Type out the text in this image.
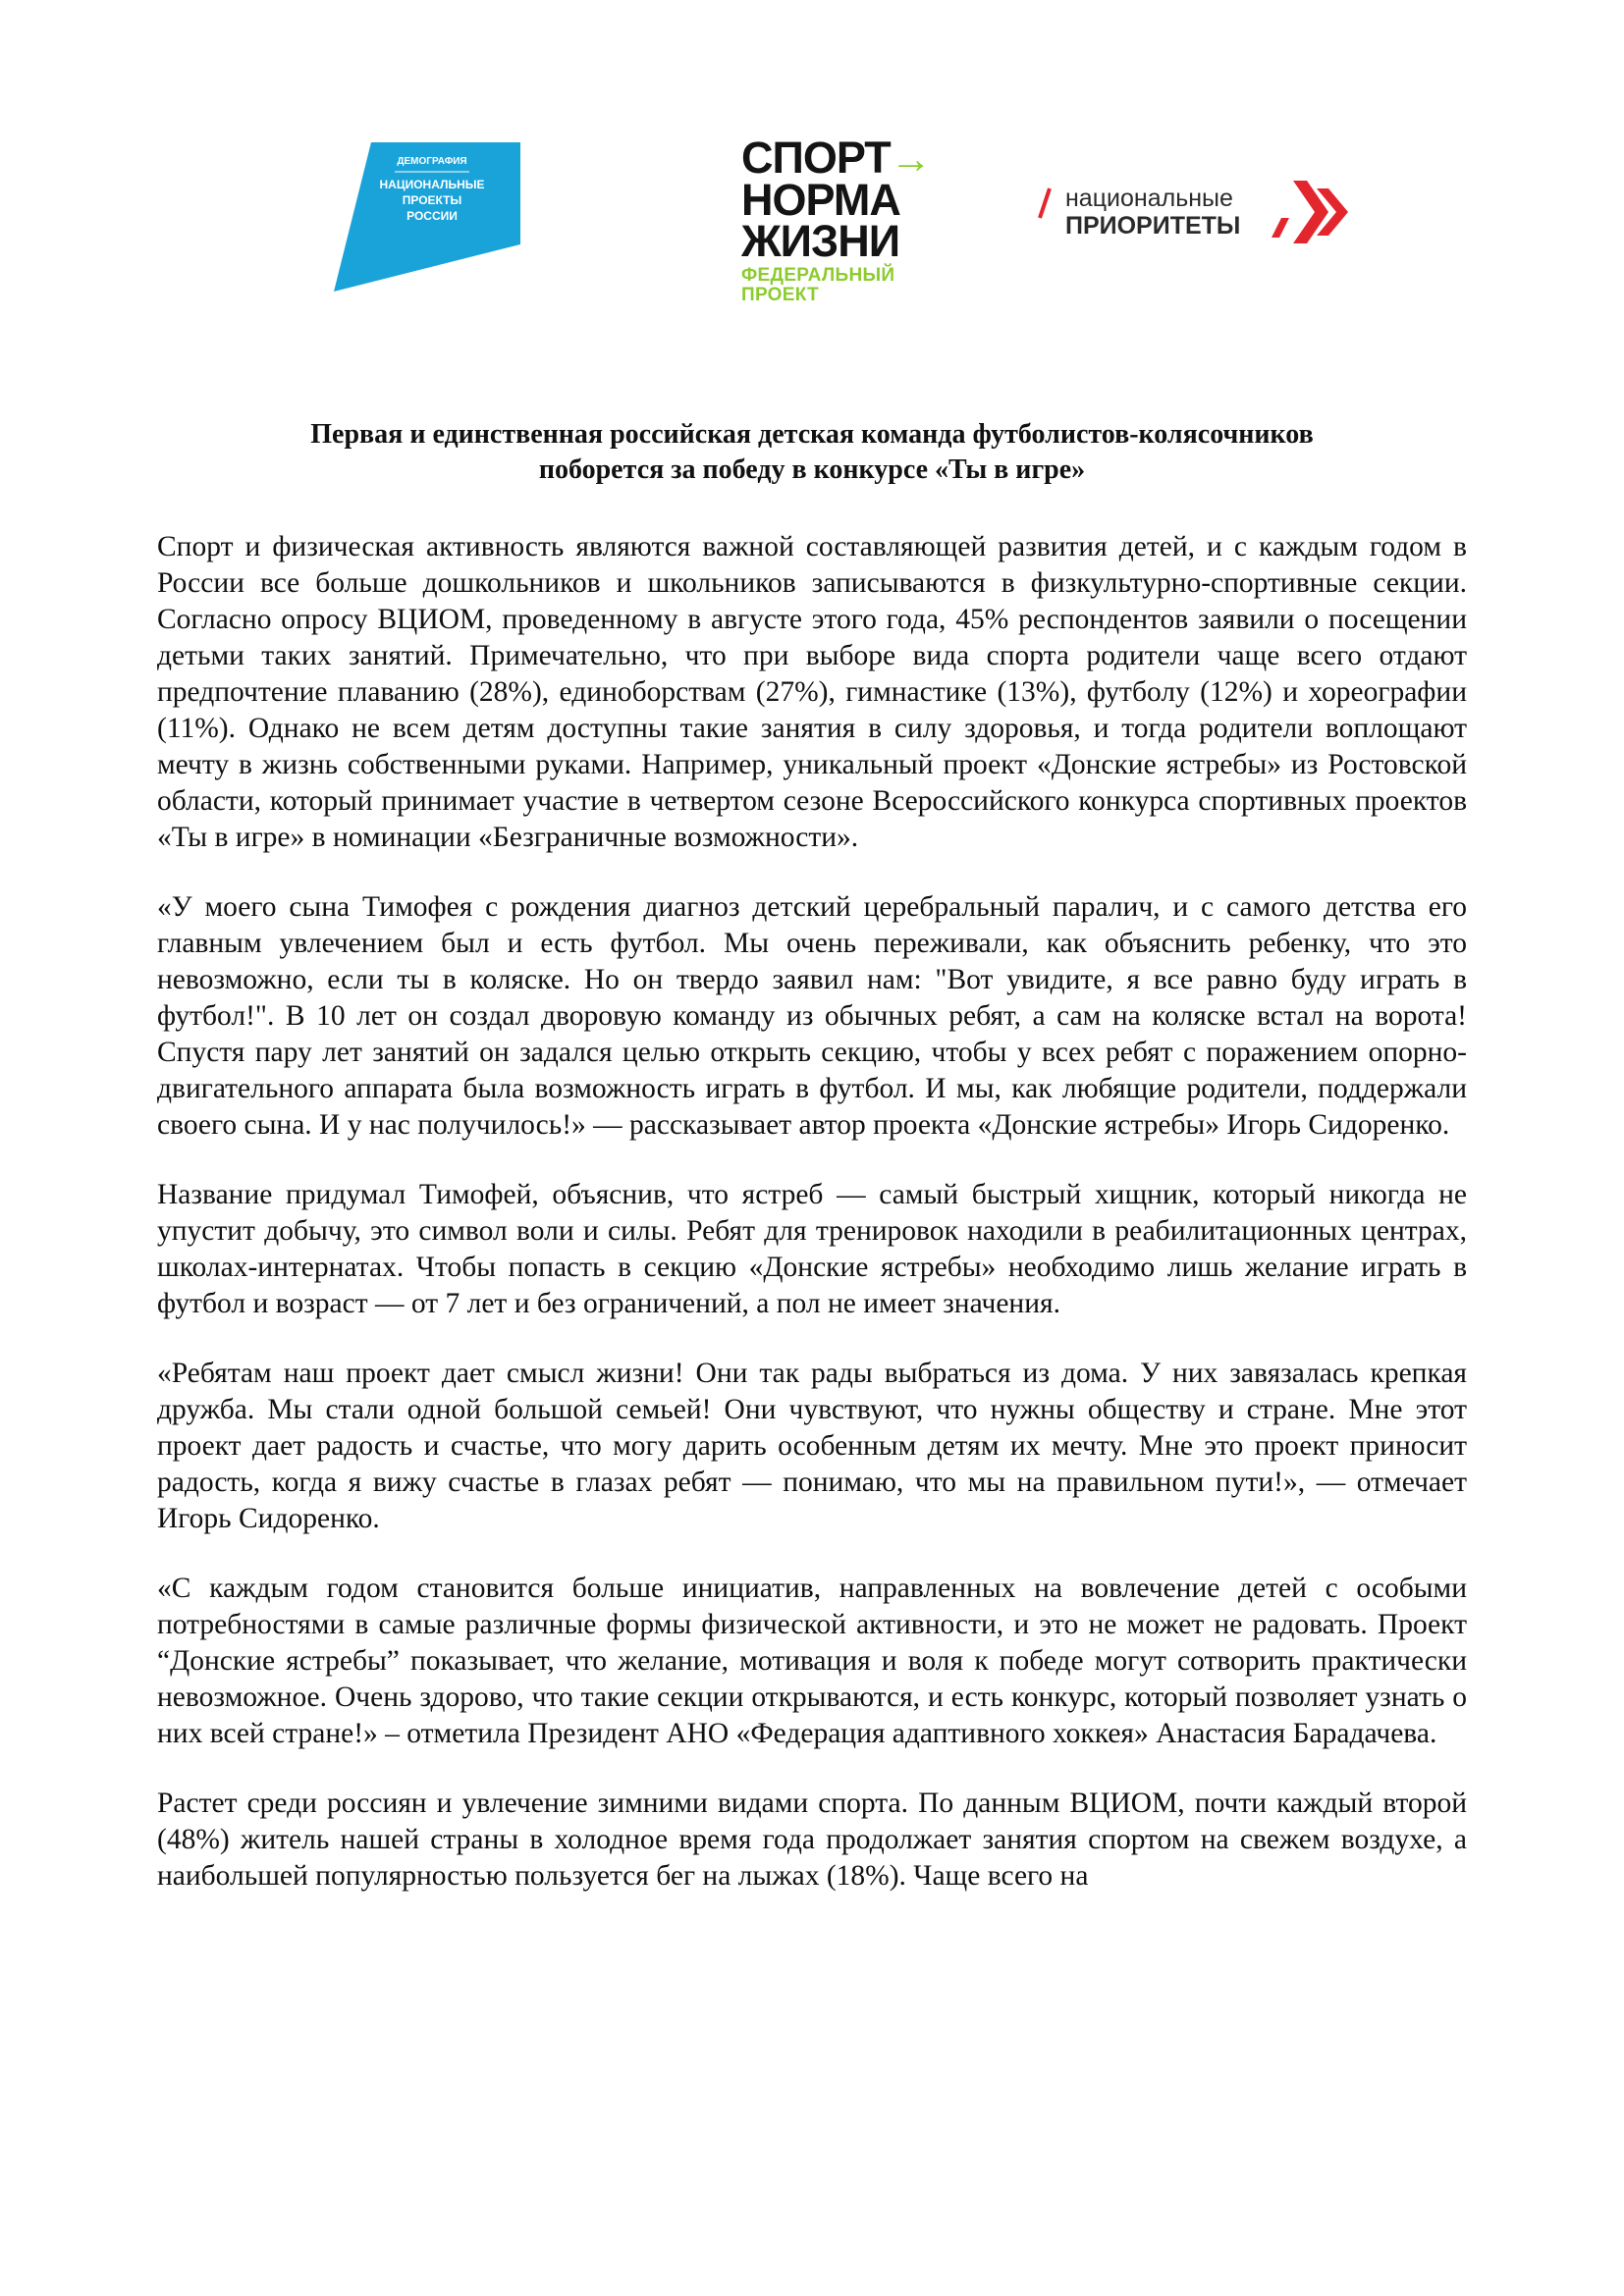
ДЕМОГРАФИЯ
НАЦИОНАЛЬНЫЕ
ПРОЕКТЫ
РОССИИ
СПОРТ→
НОРМА
ЖИЗНИ
ФЕДЕРАЛЬНЫЙ
ПРОЕКТ
национальные
ПРИОРИТЕТЫ
Первая и единственная российская детская команда футболистов-колясочников
поборется за победу в конкурсе «Ты в игре»

Спорт и физическая активность являются важной составляющей развития детей, и с каждым годом в России все больше дошкольников и школьников записываются в физкультурно-спортивные секции. Согласно опросу ВЦИОМ, проведенному в августе этого года, 45% респондентов заявили о посещении детьми таких занятий. Примечательно, что при выборе вида спорта родители чаще всего отдают предпочтение плаванию (28%), единоборствам (27%), гимнастике (13%), футболу (12%) и хореографии (11%). Однако не всем детям доступны такие занятия в силу здоровья, и тогда родители воплощают мечту в жизнь собственными руками. Например, уникальный проект «Донские ястребы» из Ростовской области, который принимает участие в четвертом сезоне Всероссийского конкурса спортивных проектов «Ты в игре» в номинации «Безграничные возможности».

«У моего сына Тимофея с рождения диагноз детский церебральный паралич, и с самого детства его главным увлечением был и есть футбол. Мы очень переживали, как объяснить ребенку, что это невозможно, если ты в коляске. Но он твердо заявил нам: "Вот увидите, я все равно буду играть в футбол!". В 10 лет он создал дворовую команду из обычных ребят, а сам на коляске встал на ворота! Спустя пару лет занятий он задался целью открыть секцию, чтобы у всех ребят с поражением опорно-двигательного аппарата была возможность играть в футбол. И мы, как любящие родители, поддержали своего сына. И у нас получилось!» — рассказывает автор проекта «Донские ястребы» Игорь Сидоренко.

Название придумал Тимофей, объяснив, что ястреб — самый быстрый хищник, который никогда не упустит добычу, это символ воли и силы. Ребят для тренировок находили в реабилитационных центрах, школах-интернатах. Чтобы попасть в секцию «Донские ястребы» необходимо лишь желание играть в футбол и возраст — от 7 лет и без ограничений, а пол не имеет значения.

«Ребятам наш проект дает смысл жизни! Они так рады выбраться из дома. У них завязалась крепкая дружба. Мы стали одной большой семьей! Они чувствуют, что нужны обществу и стране. Мне этот проект дает радость и счастье, что могу дарить особенным детям их мечту. Мне это проект приносит радость, когда я вижу счастье в глазах ребят — понимаю, что мы на правильном пути!», — отмечает Игорь Сидоренко.

«С каждым годом становится больше инициатив, направленных на вовлечение детей с особыми потребностями в самые различные формы физической активности, и это не может не радовать. Проект “Донские ястребы” показывает, что желание, мотивация и воля к победе могут сотворить практически невозможное. Очень здорово, что такие секции открываются, и есть конкурс, который позволяет узнать о них всей стране!» – отметила Президент АНО «Федерация адаптивного хоккея» Анастасия Барадачева.

Растет среди россиян и увлечение зимними видами спорта. По данным ВЦИОМ, почти каждый второй (48%) житель нашей страны в холодное время года продолжает занятия спортом на свежем воздухе, а наибольшей популярностью пользуется бег на лыжах (18%). Чаще всего на
